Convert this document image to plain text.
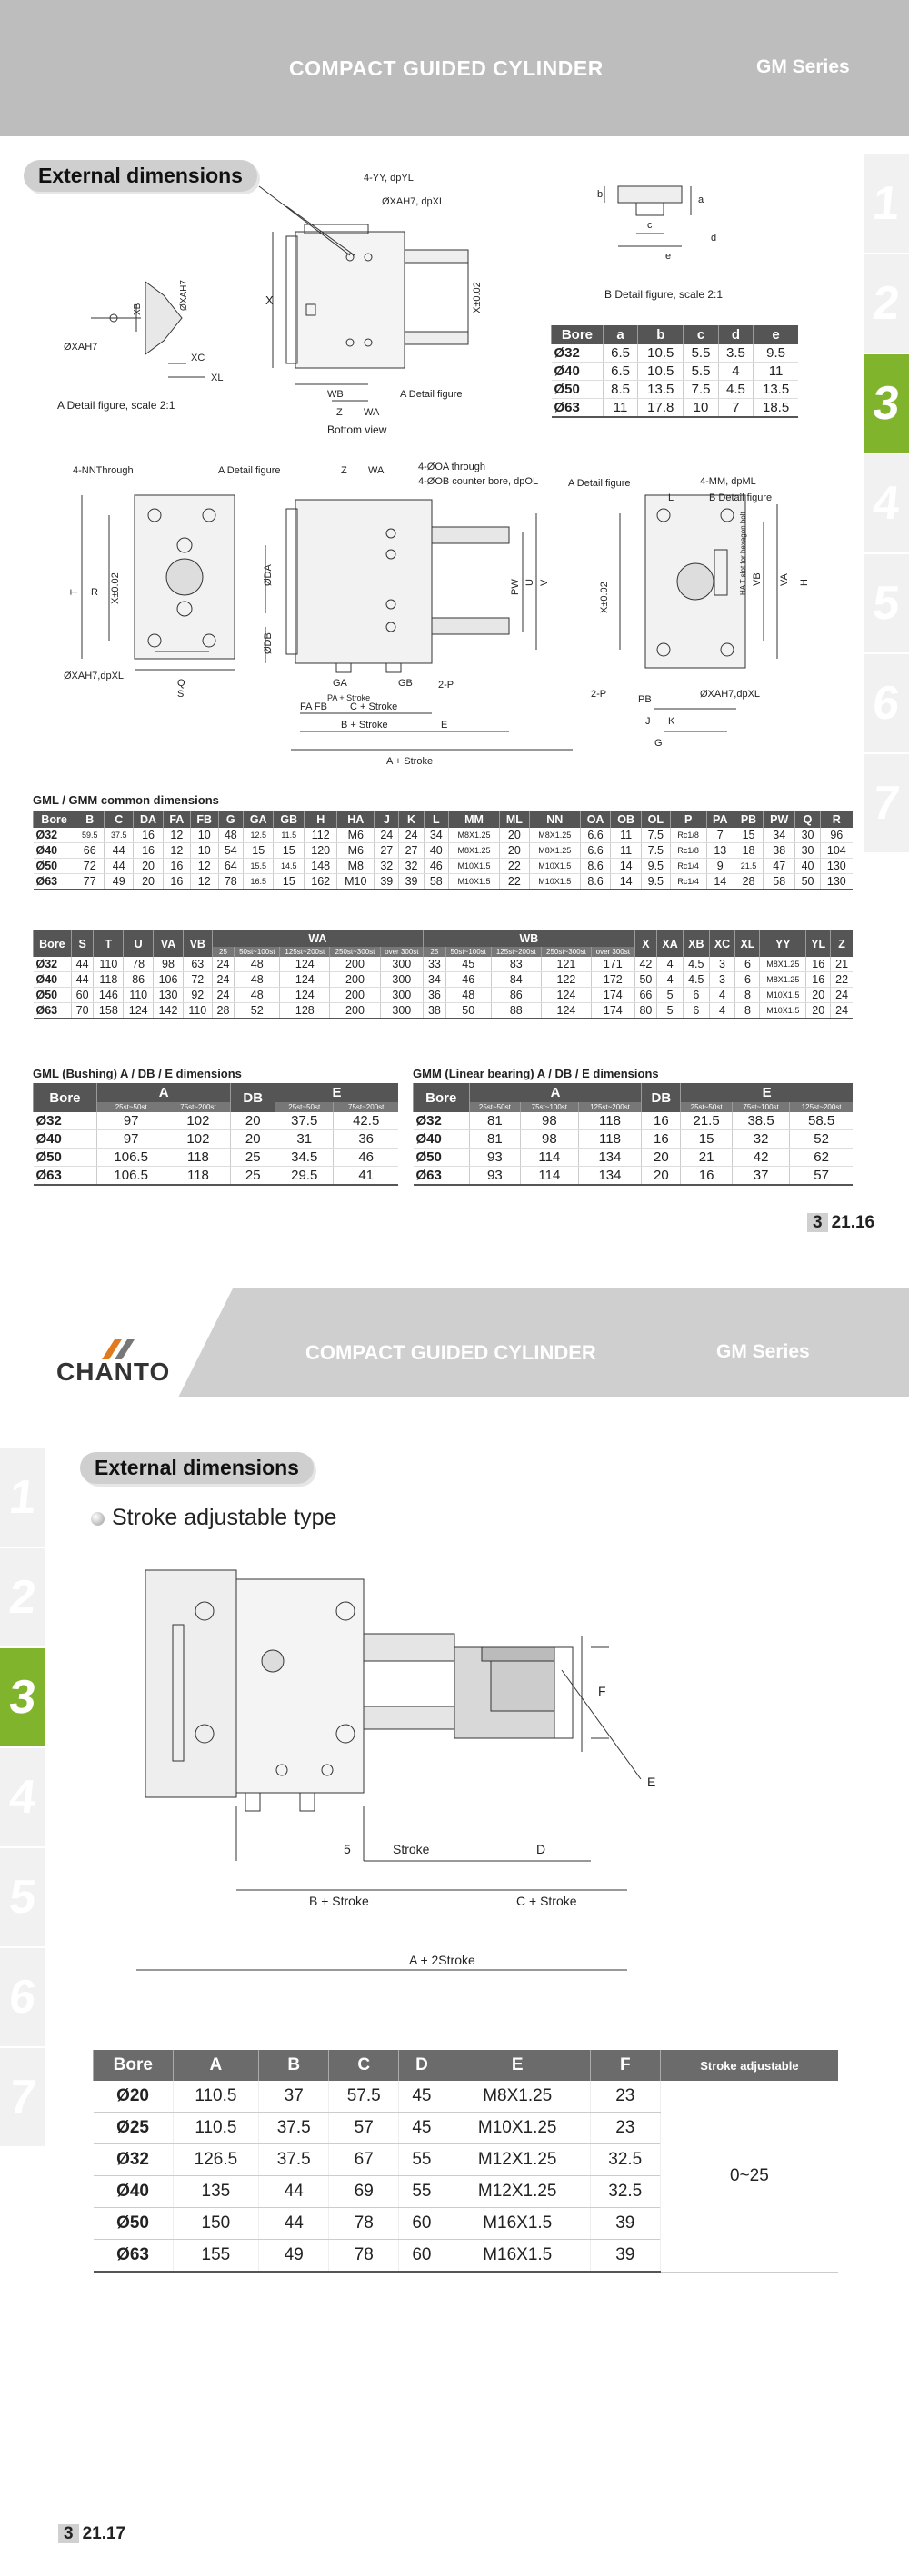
COMPACT GUIDED CYLINDER	GM Series
1
2
3
4
5
6
7
External dimensions
ØXAH7
XB
ØXAH7
XC
XL
A Detail figure, scale 2:1
4-YY, dpYL
ØXAH7, dpXL
X	X±0.02
WB
Z WA
A Detail figure
Bottom view
b	a
c
d
e
B Detail figure, scale 2:1
Bore	a	b	c	d	e
Ø32	6.5	10.5	5.5	3.5	9.5
Ø40	6.5	10.5	5.5	4	11
Ø50	8.5	13.5	7.5	4.5	13.5
Ø63	11	17.8	10	7	18.5
4-NNThrough	A Detail figure
T R X±0.02
ØXAH7,dpXL
Q
S
Z WA	4-ØOA through
4-ØOB counter bore, dpOL
ØDA
ØDB
PW U V
GA	GB
PA + Stroke
2-P
FA FB C + Stroke
B + Stroke	E
A + Stroke
A Detail figure	4-MM, dpML
B Detail figure
L
HA T slot for hexagon bolt VB VA H
X±0.02
2-P	PB	ØXAH7,dpXL
J K
G
GML / GMM common dimensions
Bore	B	C	DA	FA	FB	G	GA	GB	H	HA	J	K	L	MM	ML	NN	OA	OB	OL	P	PA	PB	PW	Q	R
Ø32	59.5	37.5	16	12	10	48	12.5	11.5	112	M6	24	24	34	M8X1.25	20	M8X1.25	6.6	11	7.5	Rc1/8	7	15	34	30	96
Ø40	66	44	16	12	10	54	15	15	120	M6	27	27	40	M8X1.25	20	M8X1.25	6.6	11	7.5	Rc1/8	13	18	38	30	104
Ø50	72	44	20	16	12	64	15.5	14.5	148	M8	32	32	46	M10X1.5	22	M10X1.5	8.6	14	9.5	Rc1/4	9	21.5	47	40	130
Ø63	77	49	20	16	12	78	16.5	15	162	M10	39	39	58	M10X1.5	22	M10X1.5	8.6	14	9.5	Rc1/4	14	28	58	50	130
Bore	S	T	U	VA	VB	WA					WB					X	XA	XB	XC	XL	YY	YL	Z
						25	50st~100st	125st~200st	250st~300st	over 300st	25	50st~100st	125st~200st	250st~300st	over 300st								
Ø32	44	110	78	98	63	24	48	124	200	300	33	45	83	121	171	42	4	4.5	3	6	M8X1.25	16	21
Ø40	44	118	86	106	72	24	48	124	200	300	34	46	84	122	172	50	4	4.5	3	6	M8X1.25	16	22
Ø50	60	146	110	130	92	24	48	124	200	300	36	48	86	124	174	66	5	6	4	8	M10X1.5	20	24
Ø63	70	158	124	142	110	28	52	128	200	300	38	50	88	124	174	80	5	6	4	8	M10X1.5	20	24
GML (Bushing) A / DB / E dimensions
Bore	A		DB	E	
	25st~50st	75st~200st		25st~50st	75st~200st
Ø32	97	102	20	37.5	42.5
Ø40	97	102	20	31	36
Ø50	106.5	118	25	34.5	46
Ø63	106.5	118	25	29.5	41
GMM (Linear bearing) A / DB / E dimensions
Bore	A			DB	E		
	25st~50st	75st~100st	125st~200st		25st~50st	75st~100st	125st~200st
Ø32	81	98	118	16	21.5	38.5	58.5
Ø40	81	98	118	16	15	32	52
Ø50	93	114	134	20	21	42	62
Ø63	93	114	134	20	16	37	57
3 21.16
COMPACT GUIDED CYLINDER	GM Series
CHANTO
1
2
3
4
5
6
7
External dimensions
Stroke adjustable type
F
E
5	Stroke	D
B + Stroke	C + Stroke
A + 2Stroke
Bore	A	B	C	D	E	F	Stroke adjustable
Ø20	110.5	37	57.5	45	M8X1.25	23	0~25
Ø25	110.5	37.5	57	45	M10X1.25	23	
Ø32	126.5	37.5	67	55	M12X1.25	32.5	
Ø40	135	44	69	55	M12X1.25	32.5	
Ø50	150	44	78	60	M16X1.5	39	
Ø63	155	49	78	60	M16X1.5	39	
3 21.17
